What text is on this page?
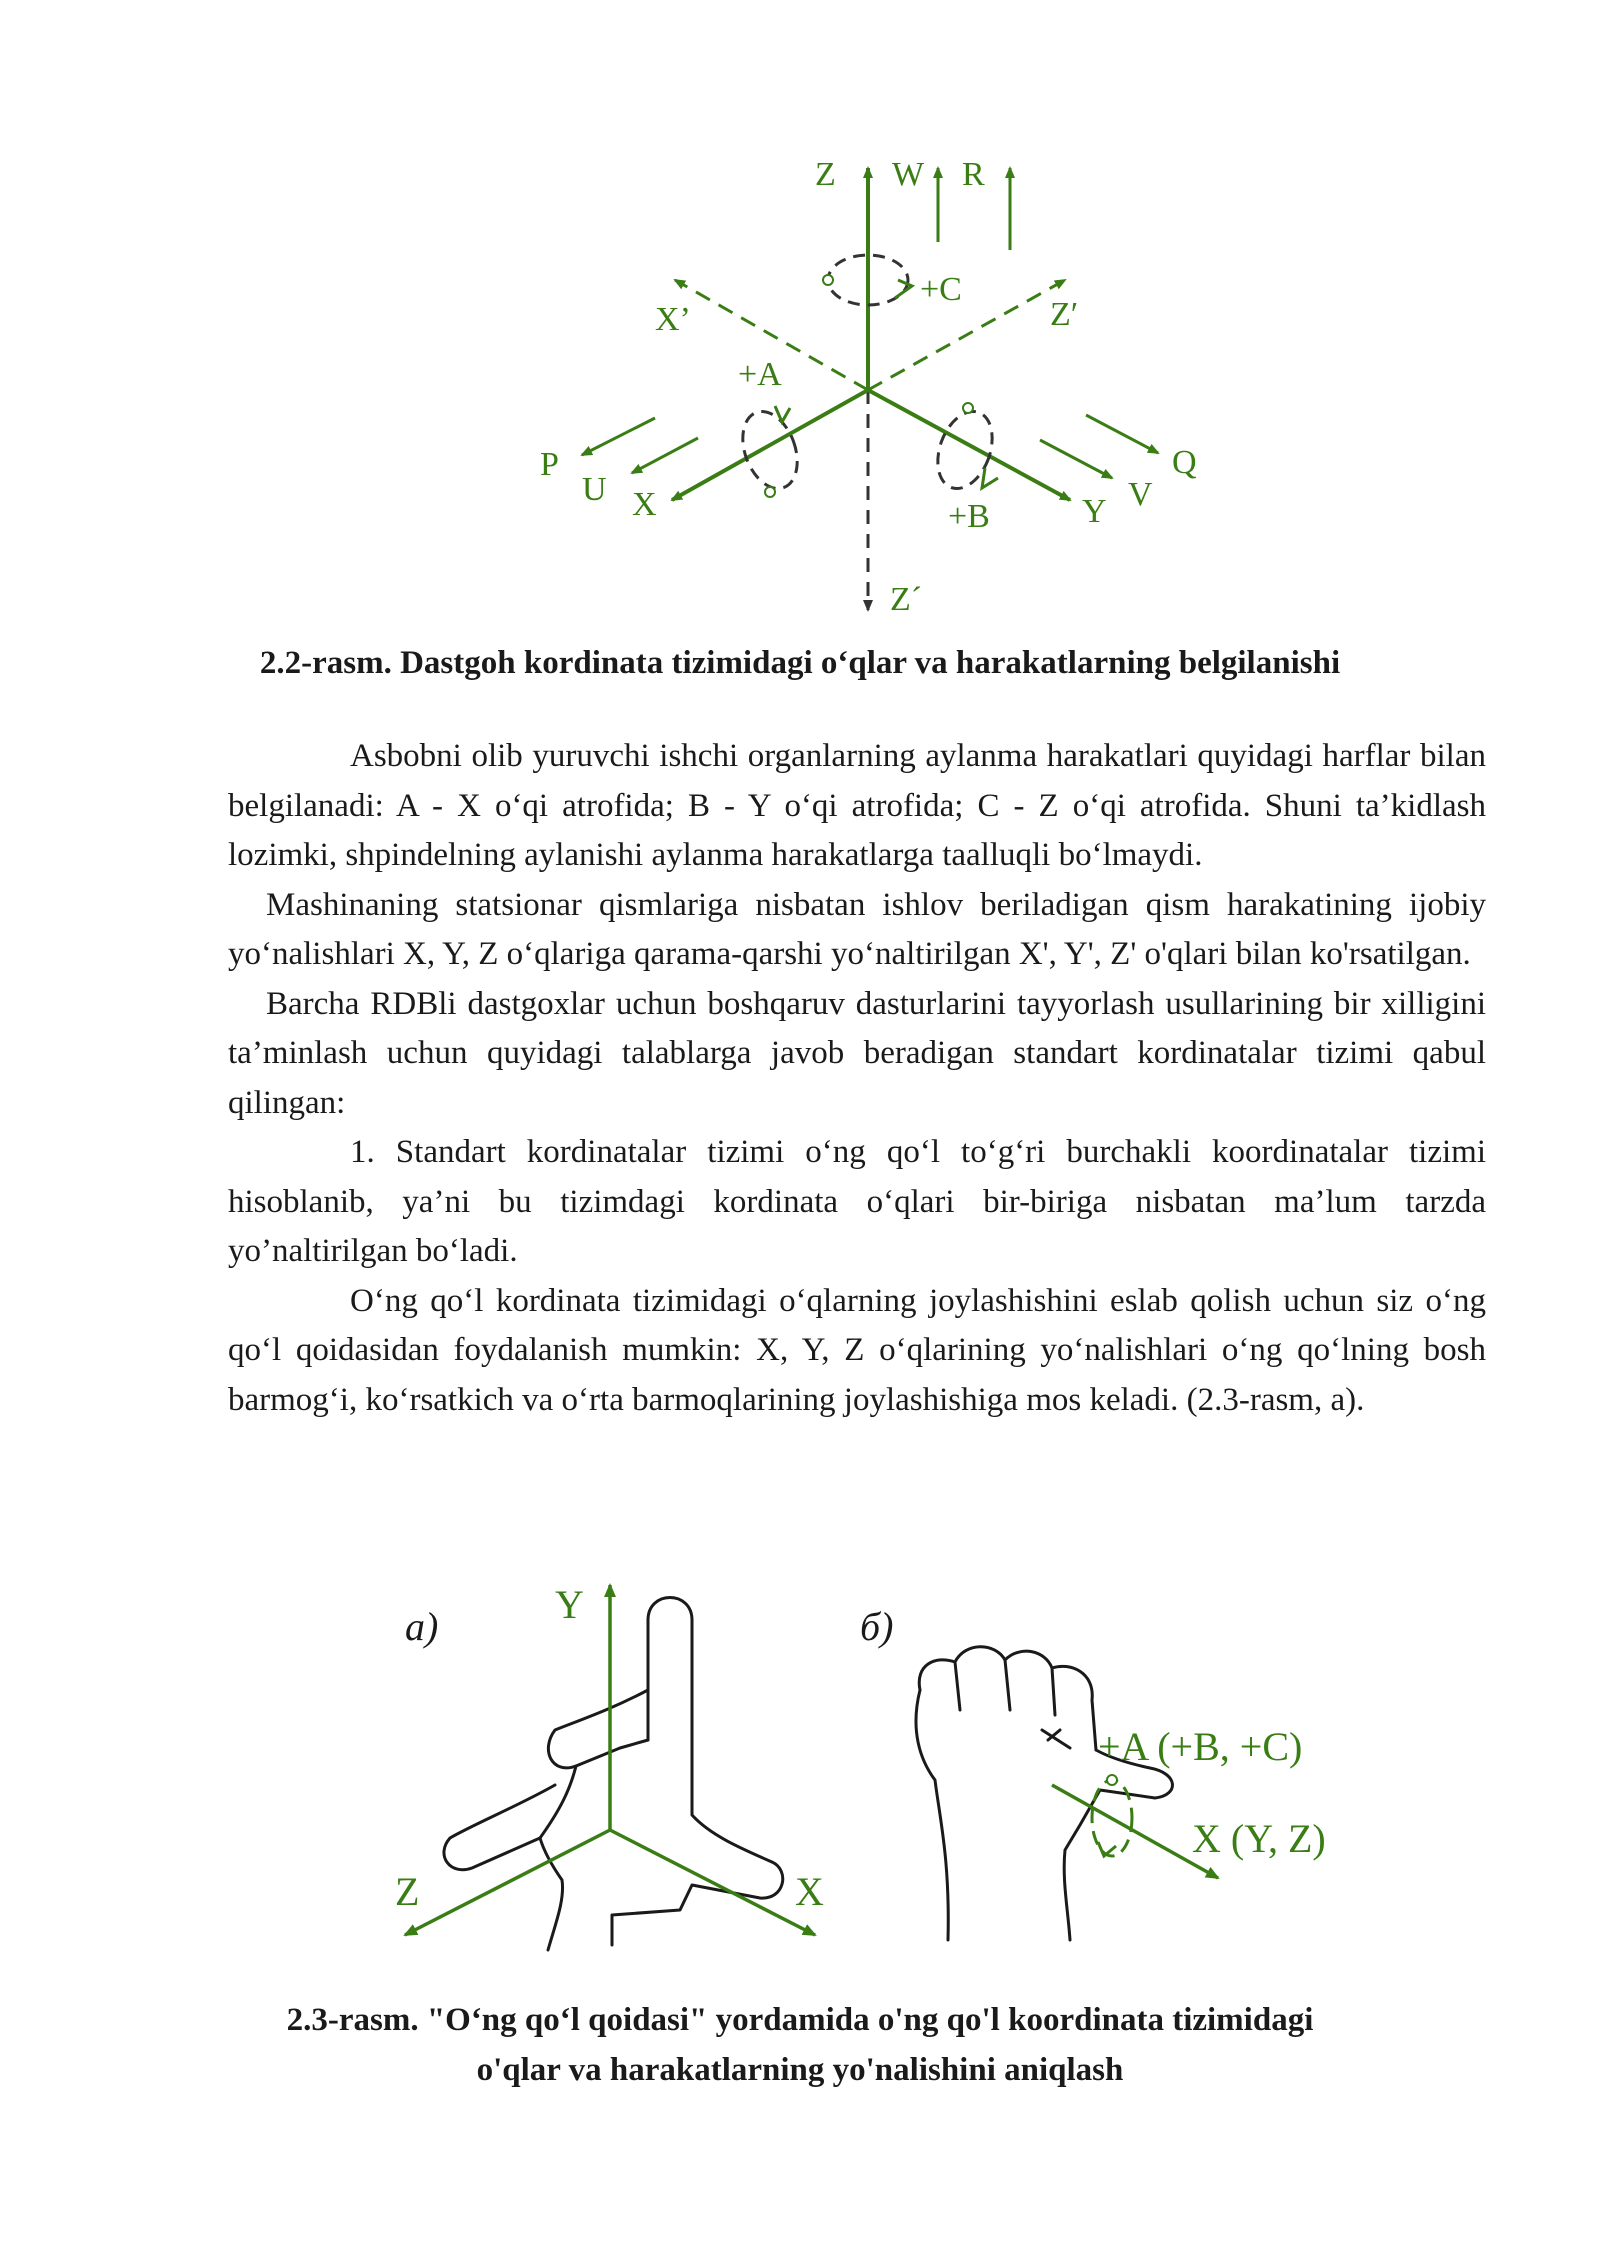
Z W R
+C
X’	Z′
+A
P
U X	+B	Y V
Q
Z´
2.2-rasm. Dastgoh kordinata tizimidagi o‘qlar va harakatlarning belgilanishi

Asbobni olib yuruvchi ishchi organlarning aylanma harakatlari quyidagi harflar bilan belgilanadi: A - X o‘qi atrofida; B - Y o‘qi atrofida; C - Z o‘qi atrofida. Shuni ta’kidlash lozimki, shpindelning aylanishi aylanma harakatlarga taalluqli bo‘lmaydi.

Mashinaning statsionar qismlariga nisbatan ishlov beriladigan qism harakatining ijobiy yo‘nalishlari X, Y, Z o‘qlariga qarama-qarshi yo‘naltirilgan X', Y', Z' o'qlari bilan ko'rsatilgan.

Barcha RDBli dastgoxlar uchun boshqaruv dasturlarini tayyorlash usullarining bir xilligini ta’minlash uchun quyidagi talablarga javob beradigan standart kordinatalar tizimi qabul qilingan:

1. Standart kordinatalar tizimi o‘ng qo‘l to‘g‘ri burchakli koordinatalar tizimi hisoblanib, ya’ni bu tizimdagi kordinata o‘qlari bir-biriga nisbatan ma’lum tarzda yo’naltirilgan bo‘ladi.

O‘ng qo‘l kordinata tizimidagi o‘qlarning joylashishini eslab qolish uchun siz o‘ng qo‘l qoidasidan foydalanish mumkin: X, Y, Z o‘qlarining yo‘nalishlari o‘ng qo‘lning bosh barmog‘i, ko‘rsatkich va o‘rta barmoqlarining joylashishiga mos keladi. (2.3-rasm, a).

a)	б)
Y
Z	X
+A (+B, +C)
X (Y, Z)
2.3-rasm. "O‘ng qo‘l qoidasi" yordamida o'ng qo'l koordinata tizimidagi
o'qlar va harakatlarning yo'nalishini aniqlash
